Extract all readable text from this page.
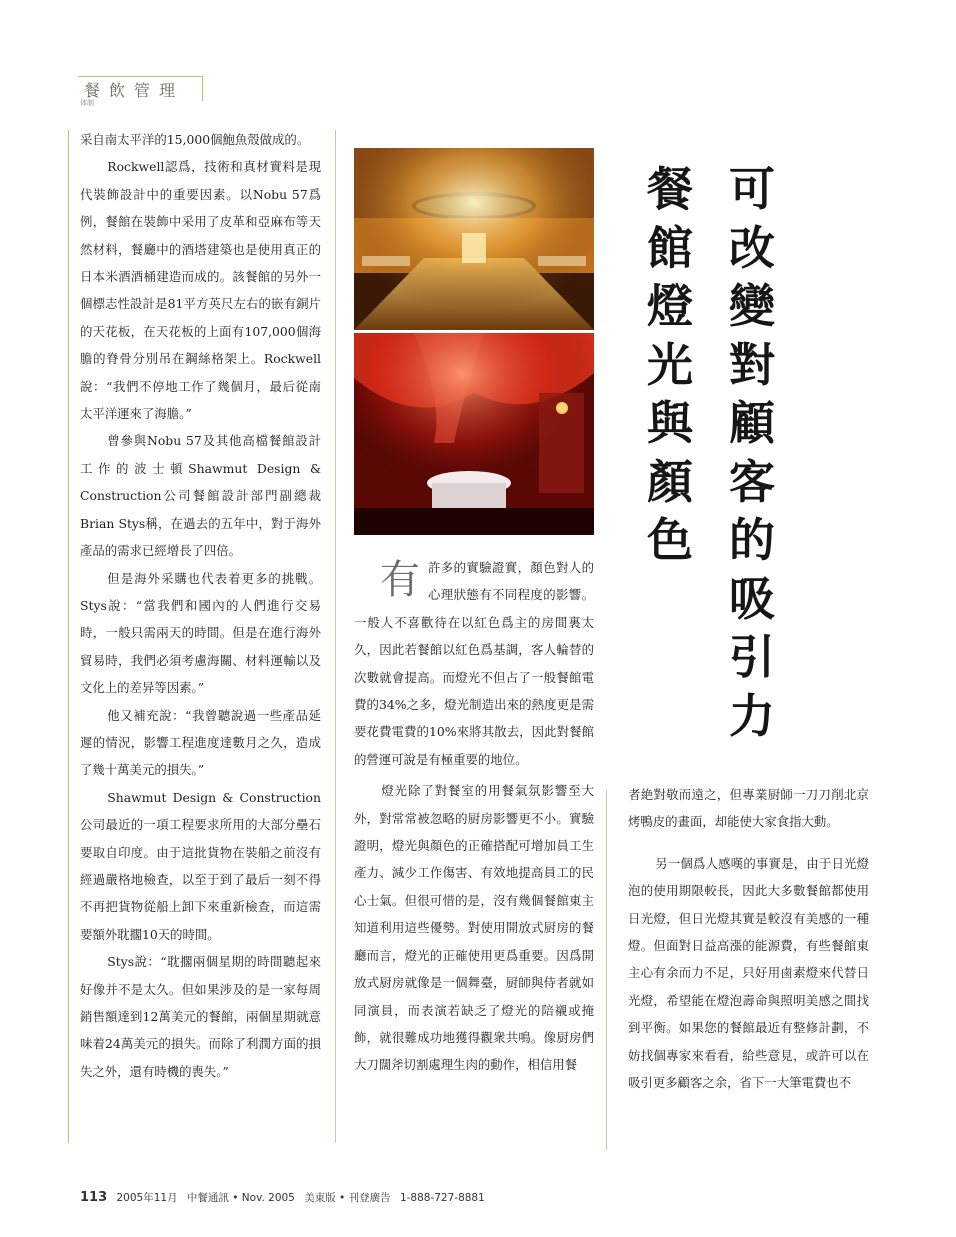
餐飲管理
体制

采自南太平洋的15,000個鮑魚殼做成的。

Rockwell認爲，技術和真材實料是現代裝飾設計中的重要因素。以Nobu 57爲例，餐館在裝飾中采用了皮革和亞麻布等天然材料，餐廳中的酒塔建築也是使用真正的日本米酒酒桶建造而成的。該餐館的另外一個標志性設計是81平方英尺左右的嵌有銅片的天花板，在天花板的上面有107,000個海膽的脊骨分別吊在鋼絲格架上。Rockwell說：“我們不停地工作了幾個月，最后從南太平洋運來了海膽。”

曾參與Nobu 57及其他高檔餐館設計工作的波士頓Shawmut Design & Construction公司餐館設計部門副總裁Brian Stys稱，在過去的五年中，對于海外產品的需求已經增長了四倍。

但是海外采購也代表着更多的挑戰。Stys說：“當我們和國內的人們進行交易時，一般只需兩天的時間。但是在進行海外貿易時，我們必須考慮海關、材料運輸以及文化上的差异等因素。”

他又補充說：“我曾聽說過一些產品延遲的情況，影響工程進度達數月之久，造成了幾十萬美元的損失。”

Shawmut Design & Construction公司最近的一項工程要求所用的大部分壘石要取自印度。由于這批貨物在裝船之前沒有經過嚴格地檢查，以至于到了最后一刻不得不再把貨物從船上卸下來重新檢查，而這需要額外耽擱10天的時間。

Stys說：“耽擱兩個星期的時間聽起來好像并不是太久。但如果涉及的是一家每周銷售額達到12萬美元的餐館，兩個星期就意味着24萬美元的損失。而除了利潤方面的損失之外，還有時機的喪失。”

有 許多的實驗證實，顏色對人的心理狀態有不同程度的影響。一般人不喜歡待在以紅色爲主的房間裏太久，因此若餐館以紅色爲基調，客人輪替的次數就會提高。而燈光不但占了一般餐館電費的34%之多，燈光制造出來的熱度更是需要花費電費的10%來將其散去，因此對餐館的營運可說是有極重要的地位。

燈光除了對餐室的用餐氣氛影響至大外，對常常被忽略的厨房影響更不小。實驗證明，燈光與顏色的正確搭配可增加員工生產力、減少工作傷害、有效地提高員工的民心士氣。但很可惜的是，沒有幾個餐館東主知道利用這些優勢。對使用開放式厨房的餐廳而言，燈光的正確使用更爲重要。因爲開放式厨房就像是一個舞臺，厨師與侍者就如同演員，而表演若缺乏了燈光的陪襯或掩飾，就很難成功地獲得觀衆共鳴。像厨房們大刀闊斧切割處理生肉的動作，相信用餐

可
改
變
對
顧
客
的
吸
引
力
餐
館
燈
光
與
顏
色

者絶對敬而遠之，但專業厨師一刀刀削北京烤鴨皮的畫面，却能使大家食指大動。

另一個爲人感嘆的事實是，由于日光燈泡的使用期限較長，因此大多數餐館都使用日光燈，但日光燈其實是較沒有美感的一種燈。但面對日益高漲的能源費，有些餐館東主心有余而力不足，只好用鹵素燈來代替日光燈，希望能在燈泡壽命與照明美感之間找到平衡。如果您的餐館最近有整修計劃，不妨找個專家來看看，給些意見，或許可以在吸引更多顧客之余，省下一大筆電費也不

113 2005年11月 中餐通訊 • Nov. 2005 美東版 • 刊登廣告 1-888-727-8881
